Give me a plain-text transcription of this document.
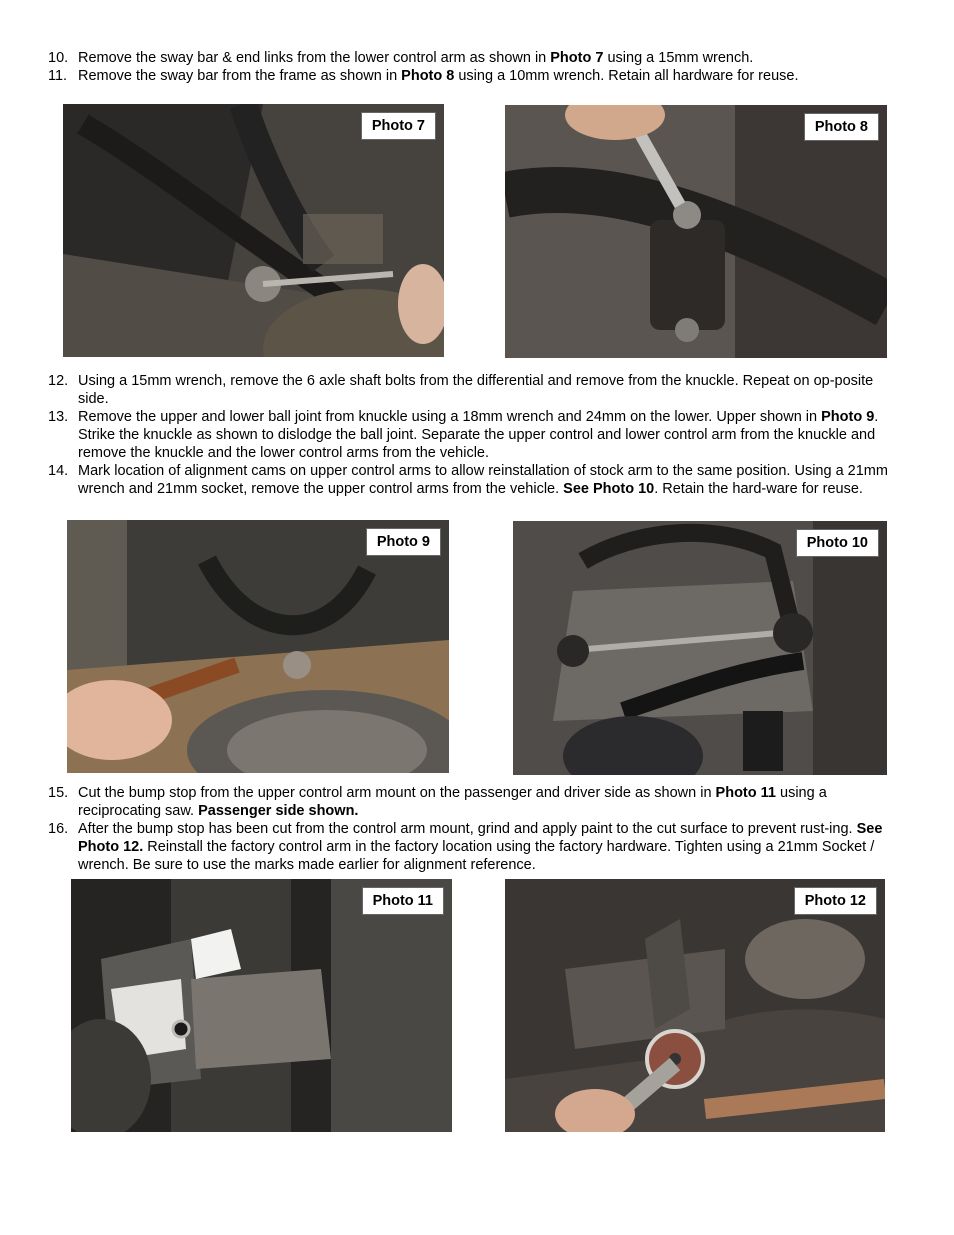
10. Remove the sway bar & end links from the lower control arm as shown in Photo 7 using a 15mm wrench.
11. Remove the sway bar from the frame as shown in Photo 8 using a 10mm wrench. Retain all hardware for reuse.
Photo 7	Photo 8
12. Using a 15mm wrench, remove the 6 axle shaft bolts from the differential and remove from the knuckle. Repeat on op-posite side.
13. Remove the upper and lower ball joint from knuckle using a 18mm wrench and 24mm on the lower. Upper shown in Photo 9. Strike the knuckle as shown to dislodge the ball joint. Separate the upper control and lower control arm from the knuckle and remove the knuckle and the lower control arms from the vehicle.
14. Mark location of alignment cams on upper control arms to allow reinstallation of stock arm to the same position. Using a 21mm wrench and 21mm socket, remove the upper control arms from the vehicle. See Photo 10. Retain the hard-ware for reuse.
Photo 9	Photo 10
15. Cut the bump stop from the upper control arm mount on the passenger and driver side as shown in Photo 11 using a reciprocating saw. Passenger side shown.
16. After the bump stop has been cut from the control arm mount, grind and apply paint to the cut surface to prevent rust-ing. See Photo 12. Reinstall the factory control arm in the factory location using the factory hardware. Tighten using a 21mm Socket / wrench. Be sure to use the marks made earlier for alignment reference.
Photo 11	Photo 12
